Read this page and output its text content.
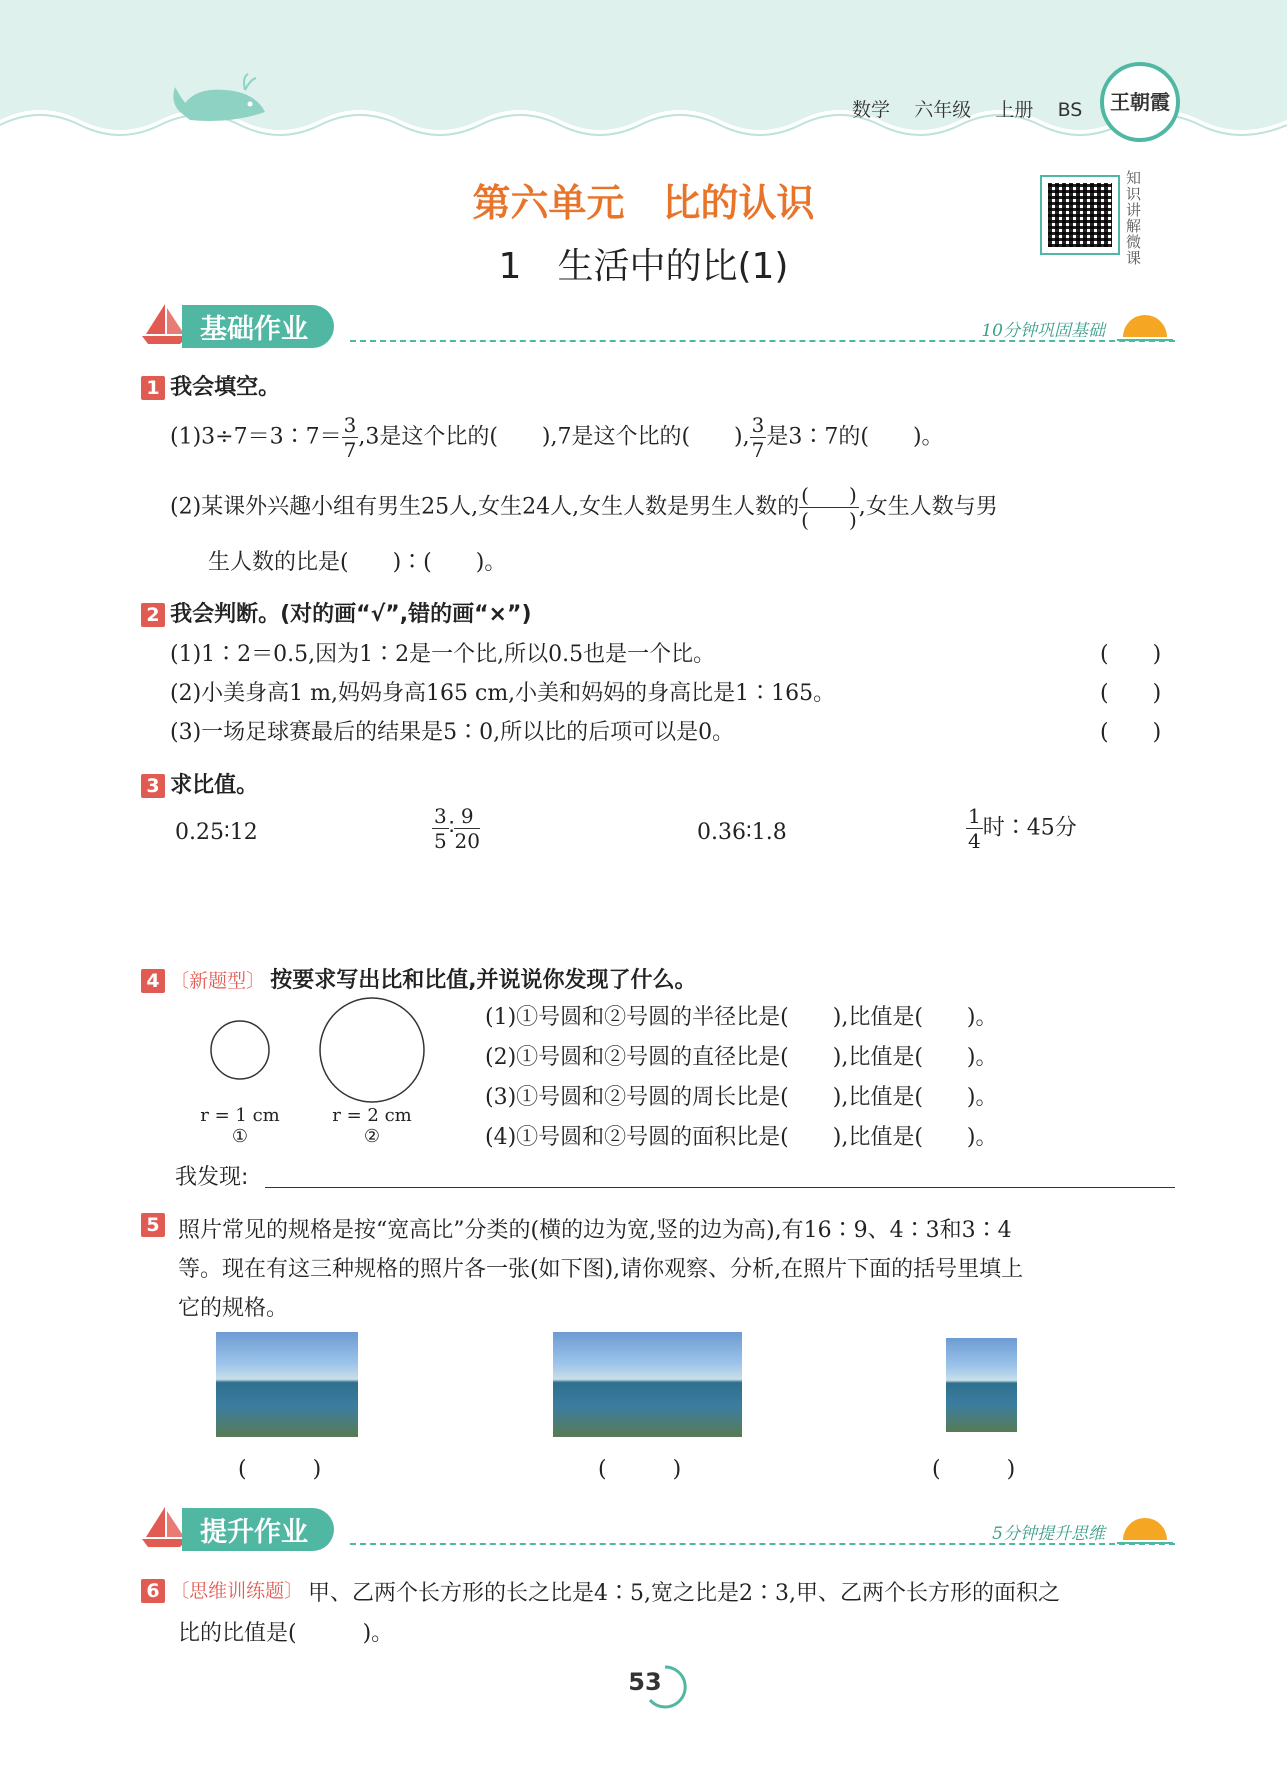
数学 六年级 上册 BS	王朝霞
知识讲解微课
第六单元　比的认识
1　生活中的比(1)
基础作业	10分钟巩固基础
1 我会填空。
(1)3÷7＝3∶7＝ $\frac{3}{7} ,3$是这个比的(　　),7是这个比的(　　), $\frac{3}{7}$ 是3∶7的(　　)。
(2)某课外兴趣小组有男生25人,女生24人,女生人数是男生人数的 $\frac{( )}{( )}$ ,女生人数与男
生人数的比是(　　)∶(　　)。
2 我会判断。(对的画“√”,错的画“×”)
(1)1∶2＝0.5,因为1∶2是一个比,所以0.5也是一个比。
(2)小美身高1 m,妈妈身高165 cm,小美和妈妈的身高比是1∶165。
(3)一场足球赛最后的结果是5∶0,所以比的后项可以是0。
(　　)
(　　)
(　　)
3 求比值。
0.25∶12	$\frac{3}{5}$ ∶ $\frac{9}{20}$	0.36∶1.8	$\frac{1}{4}$ 时∶45分
4 〔新题型〕 按要求写出比和比值,并说说你发现了什么。
r = 1 cm
①
r = 2 cm
②
(1)①号圆和②号圆的半径比是(　　),比值是(　　)。
(2)①号圆和②号圆的直径比是(　　),比值是(　　)。
(3)①号圆和②号圆的周长比是(　　),比值是(　　)。
(4)①号圆和②号圆的面积比是(　　),比值是(　　)。
我发现:
5 照片常见的规格是按“宽高比”分类的(横的边为宽,竖的边为高),有16∶9、4∶3和3∶4
等。现在有这三种规格的照片各一张(如下图),请你观察、分析,在照片下面的括号里填上
它的规格。
(　　　)	(　　　)	(　　　)
提升作业	5分钟提升思维
6 〔思维训练题〕 甲、乙两个长方形的长之比是4∶5,宽之比是2∶3,甲、乙两个长方形的面积之
比的比值是(　　　)。
53
